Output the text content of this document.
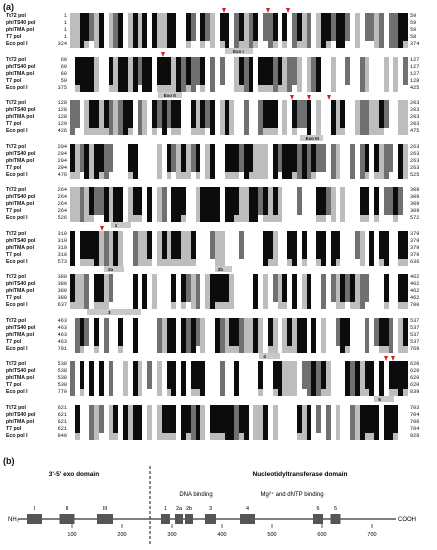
(a)
Tt72 pol	1	59
phiTS40 pol	1	59
phiTMA pol	1	59
T7 pol	1	58
Eco pol I	324	374
Exo I
Tt72 pol	60	127
phiTS40 pol	60	127
phiTMA pol	60	127
T7 pol	59	128
Eco pol I	375	425
Exo II
Tt72 pol	128	203
phiTS40 pol	128	203
phiTMA pol	128	203
T7 pol	129	203
Eco pol I	426	475
Exo III
Tt72 pol	204	263
phiTS40 pol	204	263
phiTMA pol	204	263
T7 pol	204	263
Eco pol I	476	525
Tt72 pol	264	309
phiTS40 pol	264	309
phiTMA pol	264	309
T7 pol	264	309
Eco pol I	526	572
1
Tt72 pol	310	379
phiTS40 pol	310	379
phiTMA pol	310	379
T7 pol	310	379
Eco pol I	573	636
2a	2b
Tt72 pol	380	462
phiTS40 pol	380	462
phiTMA pol	380	462
T7 pol	380	462
Eco pol I	637	700
3
Tt72 pol	463	537
phiTS40 pol	463	537
phiTMA pol	463	537
T7 pol	463	537
Eco pol I	701	769
4
Tt72 pol	538	620
phiTS40 pol	538	620
phiTMA pol	538	620
T7 pol	538	620
Eco pol I	770	839
5
Tt72 pol	621	703
phiTS40 pol	621	704
phiTMA pol	621	700
T7 pol	621	704
Eco pol I	840	928
(b)
3'-5' exo domain	Nucleotidyltransferase domain
DNA binding	Mg²⁺ and dNTP binding
NH₂	COOH
I	II	III	1 2a 2b	3	4	6	5
100	200	300	400	500	600	700
